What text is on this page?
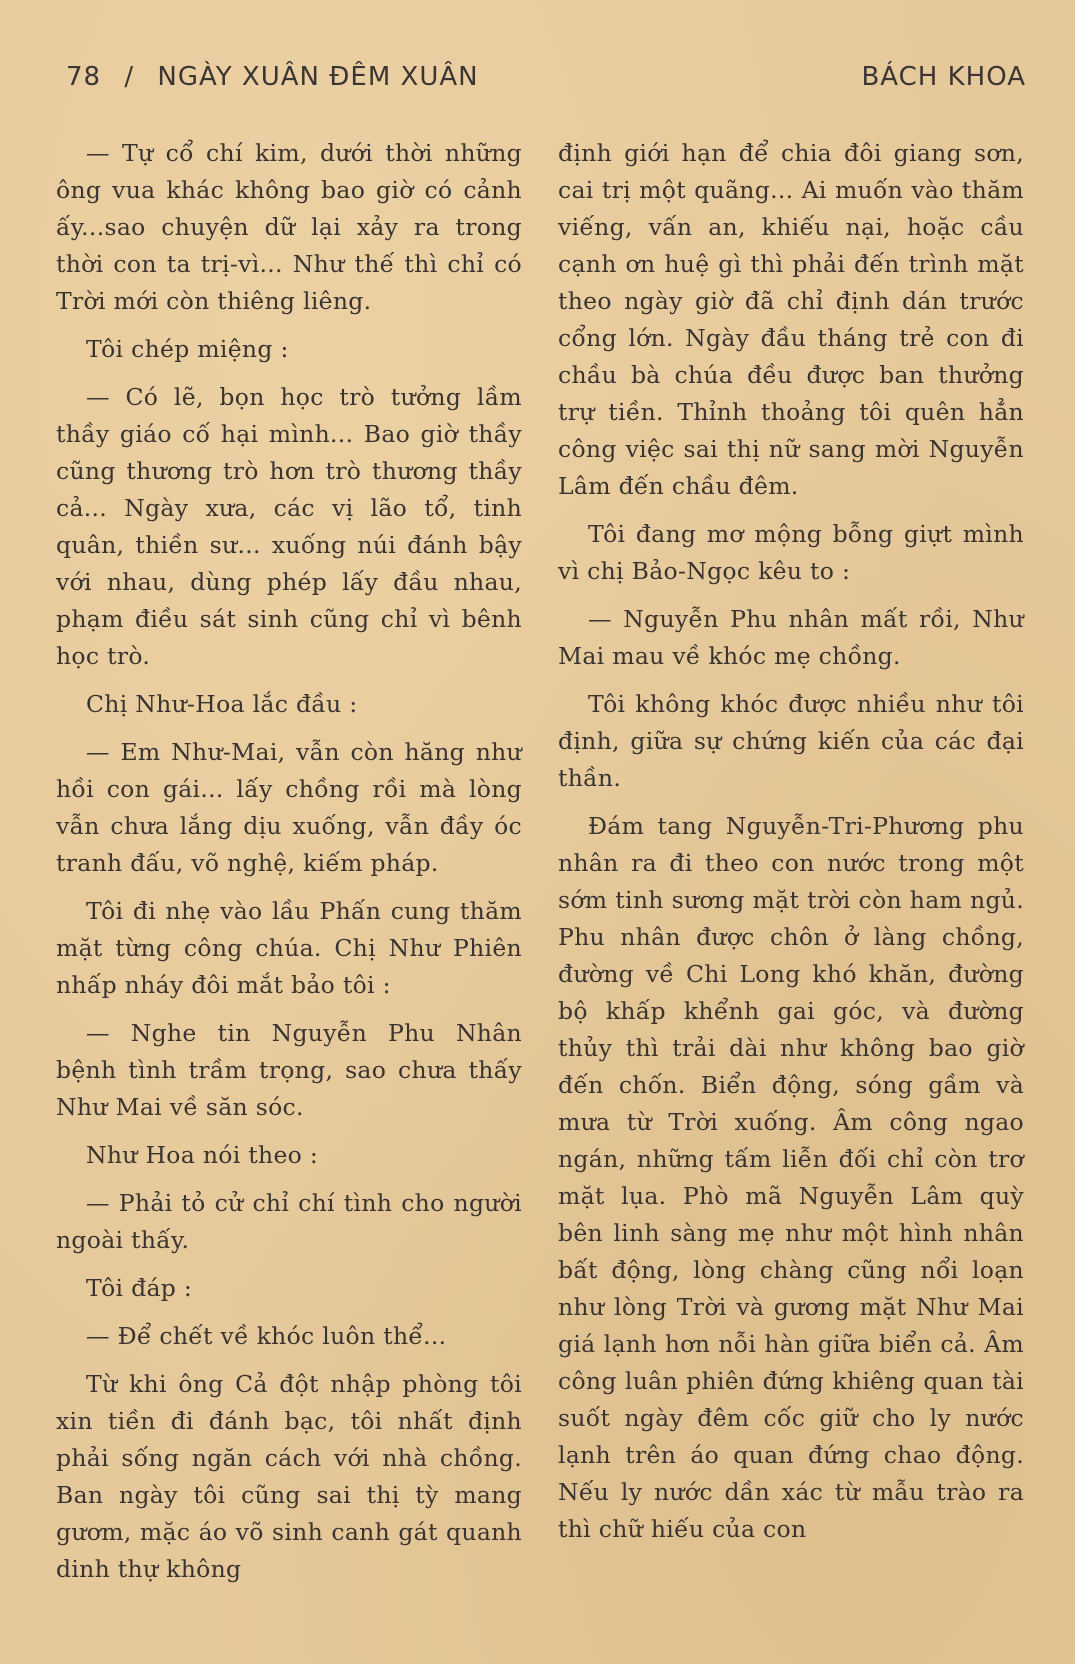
78 / NGÀY XUÂN ĐÊM XUÂN	BÁCH KHOA

— Tự cổ chí kim, dưới thời những ông vua khác không bao giờ có cảnh ấy...sao chuyện dữ lại xảy ra trong thời con ta trị-vì... Như thế thì chỉ có Trời mới còn thiêng liêng.

Tôi chép miệng :

— Có lẽ, bọn học trò tưởng lầm thầy giáo cố hại mình... Bao giờ thầy cũng thương trò hơn trò thương thầy cả... Ngày xưa, các vị lão tổ, tinh quân, thiền sư... xuống núi đánh bậy với nhau, dùng phép lấy đầu nhau, phạm điều sát sinh cũng chỉ vì bênh học trò.

Chị Như-Hoa lắc đầu :

— Em Như-Mai, vẫn còn hăng như hồi con gái... lấy chồng rồi mà lòng vẫn chưa lắng dịu xuống, vẫn đầy óc tranh đấu, võ nghệ, kiếm pháp.

Tôi đi nhẹ vào lầu Phấn cung thăm mặt từng công chúa. Chị Như Phiên nhấp nháy đôi mắt bảo tôi :

— Nghe tin Nguyễn Phu Nhân bệnh tình trầm trọng, sao chưa thấy Như Mai về săn sóc.

Như Hoa nói theo :

— Phải tỏ cử chỉ chí tình cho người ngoài thấy.

Tôi đáp :

— Để chết về khóc luôn thể...

Từ khi ông Cả đột nhập phòng tôi xin tiền đi đánh bạc, tôi nhất định phải sống ngăn cách với nhà chồng. Ban ngày tôi cũng sai thị tỳ mang gươm, mặc áo võ sinh canh gát quanh dinh thự không

định giới hạn để chia đôi giang sơn, cai trị một quãng... Ai muốn vào thăm viếng, vấn an, khiếu nại, hoặc cầu cạnh ơn huệ gì thì phải đến trình mặt theo ngày giờ đã chỉ định dán trước cổng lớn. Ngày đầu tháng trẻ con đi chầu bà chúa đều được ban thưởng trự tiền. Thỉnh thoảng tôi quên hẳn công việc sai thị nữ sang mời Nguyễn Lâm đến chầu đêm.

Tôi đang mơ mộng bỗng giựt mình vì chị Bảo-Ngọc kêu to :

— Nguyễn Phu nhân mất rồi, Như Mai mau về khóc mẹ chồng.

Tôi không khóc được nhiều như tôi định, giữa sự chứng kiến của các đại thần.

Đám tang Nguyễn-Tri-Phương phu nhân ra đi theo con nước trong một sớm tinh sương mặt trời còn ham ngủ. Phu nhân được chôn ở làng chồng, đường về Chi Long khó khăn, đường bộ khấp khểnh gai góc, và đường thủy thì trải dài như không bao giờ đến chốn. Biển động, sóng gầm và mưa từ Trời xuống. Âm công ngao ngán, những tấm liễn đối chỉ còn trơ mặt lụa. Phò mã Nguyễn Lâm quỳ bên linh sàng mẹ như một hình nhân bất động, lòng chàng cũng nổi loạn như lòng Trời và gương mặt Như Mai giá lạnh hơn nỗi hàn giữa biển cả. Âm công luân phiên đứng khiêng quan tài suốt ngày đêm cốc giữ cho ly nước lạnh trên áo quan đứng chao động. Nếu ly nước dần xác từ mẫu trào ra thì chữ hiếu của con
